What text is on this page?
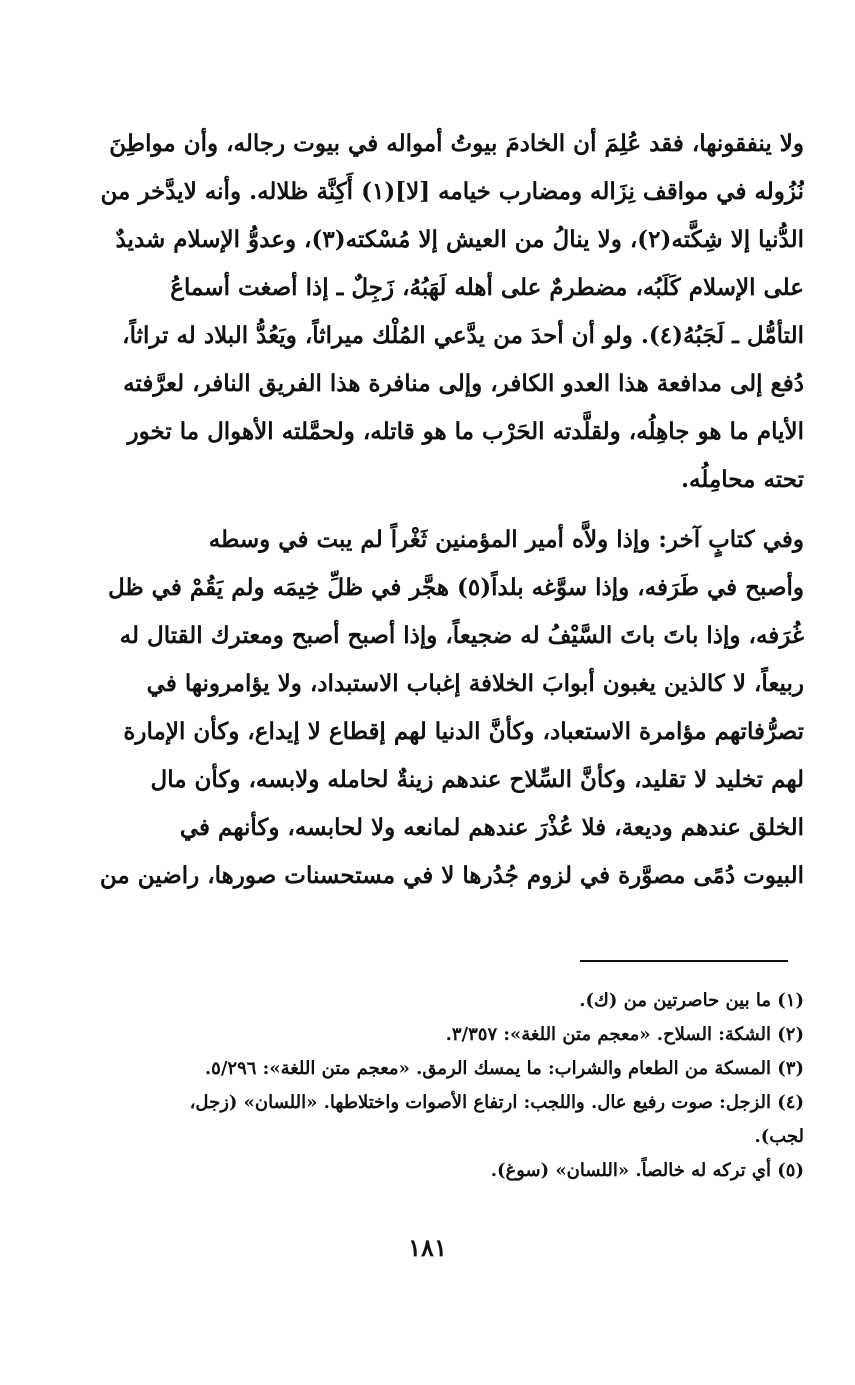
ولا ينفقونها، فقد عُلِمَ أن الخادمَ بيوتُ أمواله في بيوت رجاله، وأن مواطِنَ
نُزُوله في مواقف نِزَاله ومضارب خيامه [لا](١) أَكِنَّة ظلاله. وأنه لايدَّخر من
الدُّنيا إلا شِكَّته(٢)، ولا ينالُ من العيش إلا مُسْكته(٣)، وعدوُّ الإسلام شديدٌ
على الإسلام كَلَبُه، مضطرمٌ على أهله لَهَبُهُ، زَجِلٌ ـ إذا أصغت أسماعُ
التأمُّل ـ لَجَبُهُ(٤). ولو أن أحدَ من يدَّعي المُلْك ميراثاً، ويَعُدُّ البلاد له تراثاً،
دُفع إلى مدافعة هذا العدو الكافر، وإلى منافرة هذا الفريق النافر، لعرَّفته
الأيام ما هو جاهِلُه، ولقلَّدته الحَرْب ما هو قاتله، ولحمَّلته الأهوال ما تخور
تحته محامِلُه.
وفي كتابٍ آخر: وإذا ولاَّه أمير المؤمنين ثَغْراً لم يبت في وسطه
وأصبح في طَرَفه، وإذا سوَّغه بلداً(٥) هجَّر في ظلِّ خِيمَه ولم يَقُمْ في ظل
غُرَفه، وإذا باتَ باتَ السَّيْفُ له ضجيعاً، وإذا أصبح أصبح ومعترك القتال له
ربيعاً، لا كالذين يغبون أبوابَ الخلافة إغباب الاستبداد، ولا يؤامرونها في
تصرُّفاتهم مؤامرة الاستعباد، وكأنَّ الدنيا لهم إقطاع لا إيداع، وكأن الإمارة
لهم تخليد لا تقليد، وكأنَّ السِّلاح عندهم زينةٌ لحامله ولابسه، وكأن مال
الخلق عندهم وديعة، فلا عُذْرَ عندهم لمانعه ولا لحابسه، وكأنهم في
البيوت دُمًى مصوَّرة في لزوم جُدُرها لا في مستحسنات صورها، راضين من
(١) ما بين حاصرتين من (ك).
(٢) الشكة: السلاح. «معجم متن اللغة»: ٣/٣٥٧.
(٣) المسكة من الطعام والشراب: ما يمسك الرمق. «معجم متن اللغة»: ٥/٢٩٦.
(٤) الزجل: صوت رفيع عال. واللجب: ارتفاع الأصوات واختلاطها. «اللسان» (زجل،
لجب).
(٥) أي تركه له خالصاً. «اللسان» (سوغ).
١٨١
